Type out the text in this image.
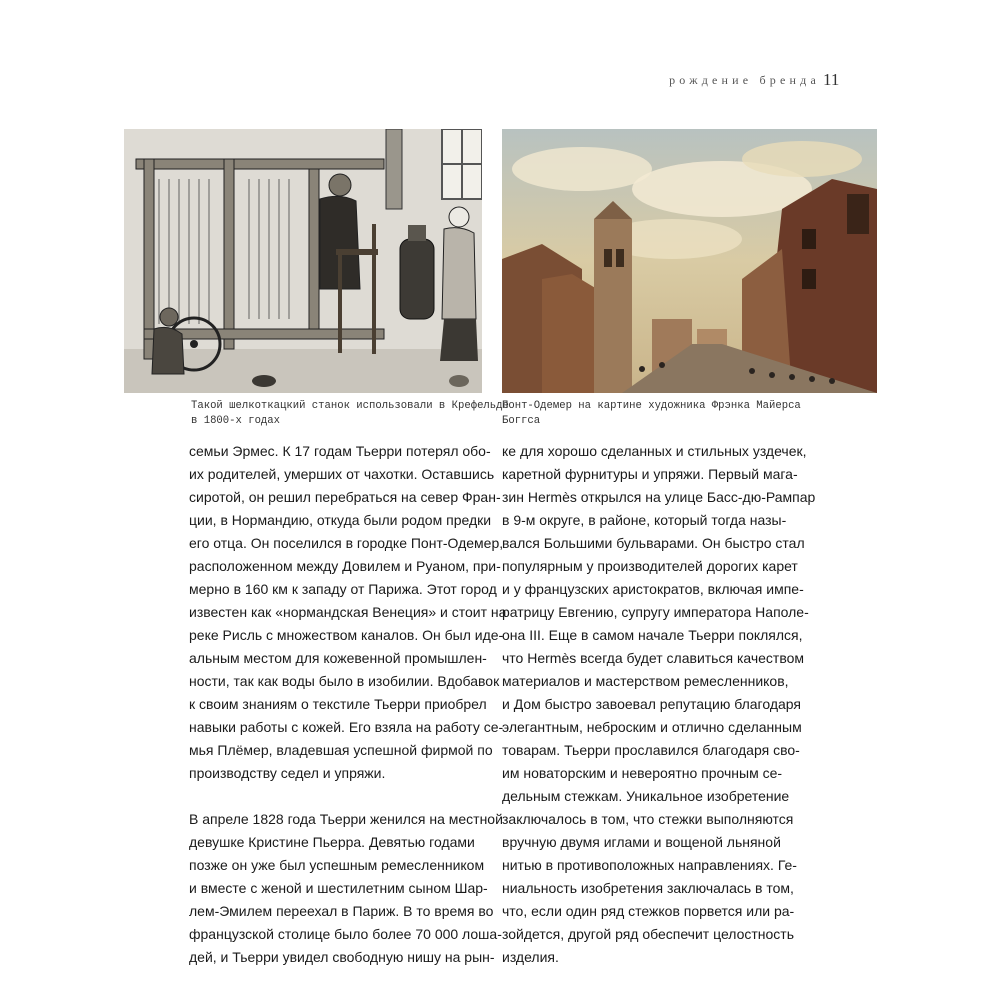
рождение бренда 11
Такой шелкоткацкий станок использовали в Крефельде
в 1800-х годах
Понт-Одемер на картине художника Фрэнка Майерса
Боггса
семьи Эрмес. К 17 годам Тьерри потерял обо-
их родителей, умерших от чахотки. Оставшись
сиротой, он решил перебраться на север Фран-
ции, в Нормандию, откуда были родом предки
его отца. Он поселился в городке Понт-Одемер,
расположенном между Довилем и Руаном, при-
мерно в 160 км к западу от Парижа. Этот город
известен как «нормандская Венеция» и стоит на
реке Рисль с множеством каналов. Он был иде-
альным местом для кожевенной промышлен-
ности, так как воды было в изобилии. Вдобавок
к своим знаниям о текстиле Тьерри приобрел
навыки работы с кожей. Его взяла на работу се-
мья Плёмер, владевшая успешной фирмой по
производству седел и упряжи.
В апреле 1828 года Тьерри женился на местной
девушке Кристине Пьерра. Девятью годами
позже он уже был успешным ремесленником
и вместе с женой и шестилетним сыном Шар-
лем-Эмилем переехал в Париж. В то время во
французской столице было более 70 000 лоша-
дей, и Тьерри увидел свободную нишу на рын-
ке для хорошо сделанных и стильных уздечек,
каретной фурнитуры и упряжи. Первый мага-
зин Hermès открылся на улице Басс-дю-Рампар
в 9-м округе, в районе, который тогда назы-
вался Большими бульварами. Он быстро стал
популярным у производителей дорогих карет
и у французских аристократов, включая импе-
ратрицу Евгению, супругу императора Наполе-
она III. Еще в самом начале Тьерри поклялся,
что Hermès всегда будет славиться качеством
материалов и мастерством ремесленников,
и Дом быстро завоевал репутацию благодаря
элегантным, неброским и отлично сделанным
товарам. Тьерри прославился благодаря сво-
им новаторским и невероятно прочным се-
дельным стежкам. Уникальное изобретение
заключалось в том, что стежки выполняются
вручную двумя иглами и вощеной льняной
нитью в противоположных направлениях. Ге-
ниальность изобретения заключалась в том,
что, если один ряд стежков порвется или ра-
зойдется, другой ряд обеспечит целостность
изделия.
